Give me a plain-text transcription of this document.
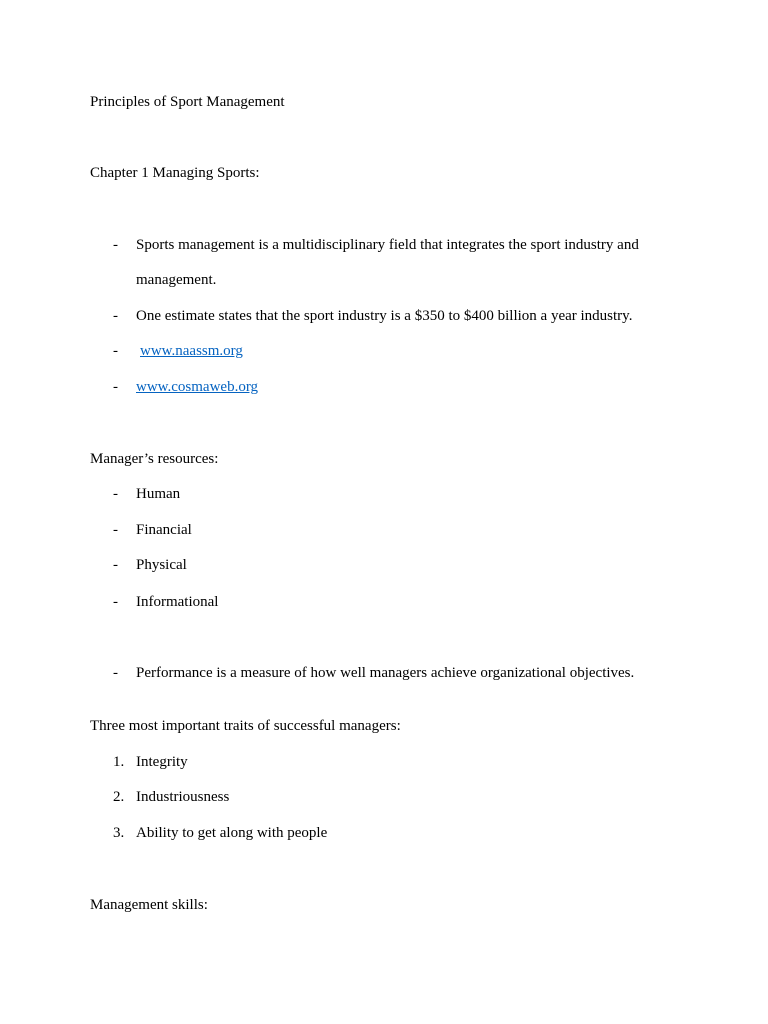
Principles of Sport Management
Chapter 1 Managing Sports:
- Sports management is a multidisciplinary field that integrates the sport industry and
management.
- One estimate states that the sport industry is a $350 to $400 billion a year industry.
- www.naassm.org
- www.cosmaweb.org
Manager’s resources:
- Human
- Financial
- Physical
- Informational
- Performance is a measure of how well managers achieve organizational objectives.
Three most important traits of successful managers:
1. Integrity
2. Industriousness
3. Ability to get along with people
Management skills:
